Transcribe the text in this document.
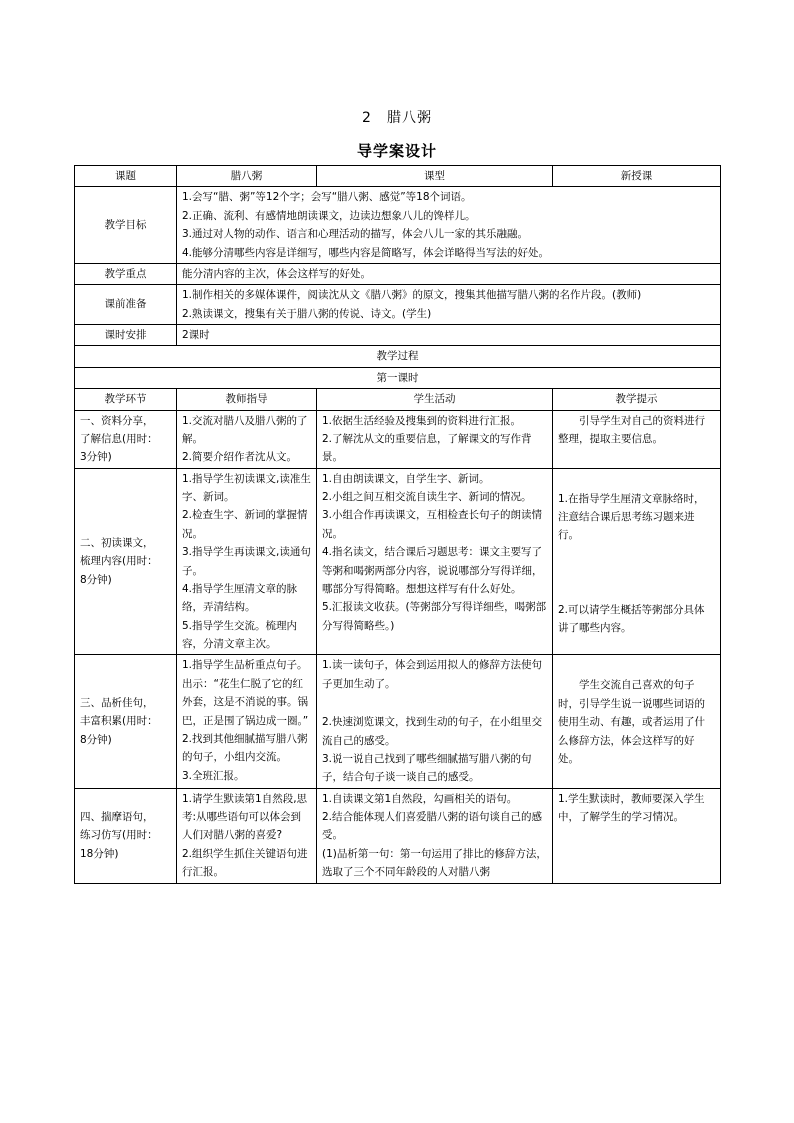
2　腊八粥
导学案设计
课题	腊八粥	课型	新授课
教学目标	1.会写“腊、粥”等12个字；会写“腊八粥、感觉”等18个词语。
2.正确、流利、有感情地朗读课文，边读边想象八儿的馋样儿。
3.通过对人物的动作、语言和心理活动的描写，体会八儿一家的其乐融融。
4.能够分清哪些内容是详细写，哪些内容是简略写，体会详略得当写法的好处。		

教学重点	能分清内容的主次，体会这样写的好处。		
课前准备	1.制作相关的多媒体课件，阅读沈从文《腊八粥》的原文，搜集其他描写腊八粥的名作片段。(教师)
2.熟读课文，搜集有关于腊八粥的传说、诗文。(学生)		

课时安排	2课时		
教学过程			
第一课时			
教学环节	教师指导	学生活动	教学提示

一、资料分享，
了解信息(用时：
3分钟)	1.交流对腊八及腊八粥的了解。
2.简要介绍作者沈从文。	1.依据生活经验及搜集到的资料进行汇报。
2.了解沈从文的重要信息，了解课文的写作背景。	　　引导学生对自己的资料进行整理，提取主要信息。

二、初读课文，
梳理内容(用时：
8分钟)	1.指导学生初读课文,读准生字、新词。
2.检查生字、新词的掌握情况。
3.指导学生再读课文,读通句子。
4.指导学生厘清文章的脉络，弄清结构。
5.指导学生交流。梳理内容，分清文章主次。	1.自由朗读课文，自学生字、新词。
2.小组之间互相交流自读生字、新词的情况。
3.小组合作再读课文，互相检查长句子的朗读情况。
4.指名读文，结合课后习题思考：课文主要写了等粥和喝粥两部分内容，说说哪部分写得详细，哪部分写得简略。想想这样写有什么好处。
5.汇报读文收获。(等粥部分写得详细些，喝粥部分写得简略些。)	1.在指导学生厘清文章脉络时，注意结合课后思考练习题来进行。
2.可以请学生概括等粥部分具体讲了哪些内容。

三、品析佳句，
丰富积累(用时：
8分钟)	1.指导学生品析重点句子。出示：“花生仁脱了它的红外套，这是不消说的事。锅巴，正是围了锅边成一圈。”
2.找到其他细腻描写腊八粥的句子，小组内交流。
3.全班汇报。	1.读一读句子，体会到运用拟人的修辞方法使句子更加生动了。
2.快速浏览课文，找到生动的句子，在小组里交流自己的感受。
3.说一说自己找到了哪些细腻描写腊八粥的句子，结合句子谈一谈自己的感受。	　　学生交流自己喜欢的句子时，引导学生说一说哪些词语的使用生动、有趣，或者运用了什么修辞方法，体会这样写的好处。

四、揣摩语句，
练习仿写(用时：
18分钟)	1.请学生默读第1自然段,思考:从哪些语句可以体会到人们对腊八粥的喜爱?
2.组织学生抓住关键语句进行汇报。	1.自读课文第1自然段，勾画相关的语句。
2.结合能体现人们喜爱腊八粥的语句谈自己的感受。
(1)品析第一句：第一句运用了排比的修辞方法，选取了三个不同年龄段的人对腊八粥	1.学生默读时，教师要深入学生中，了解学生的学习情况。
